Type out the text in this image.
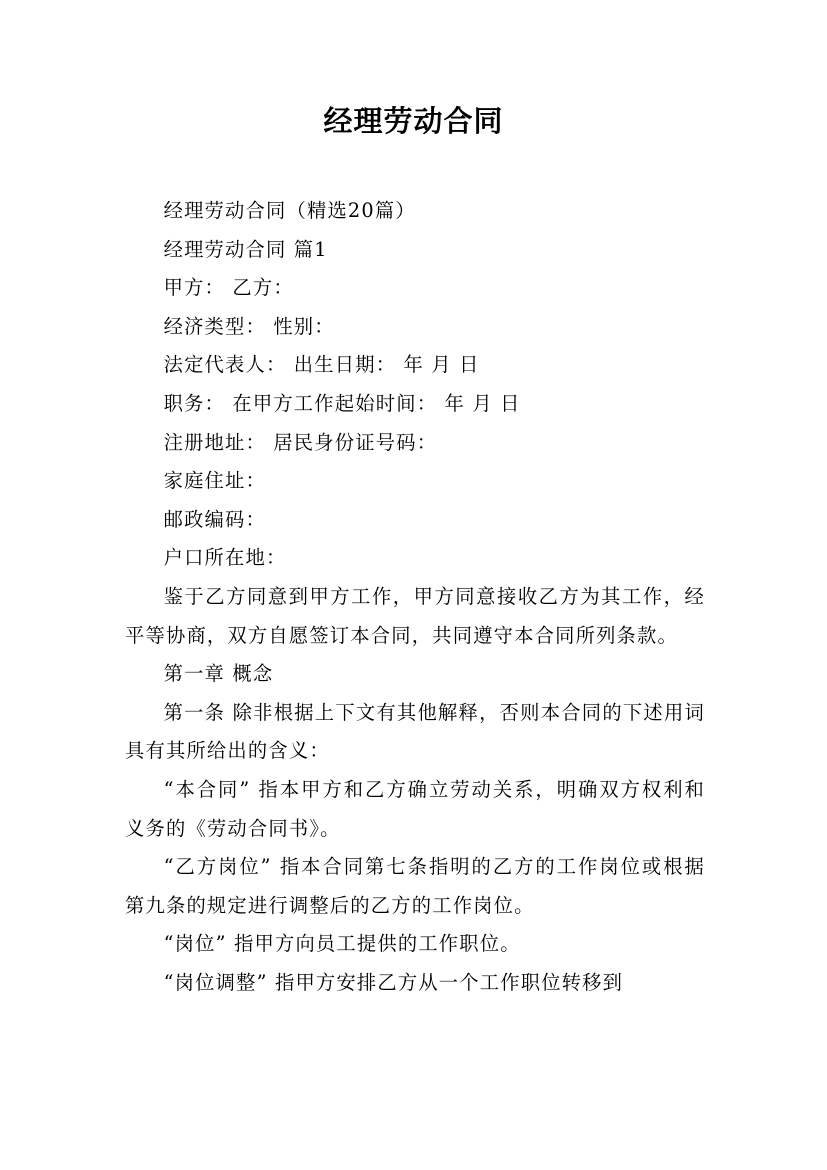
经理劳动合同

经理劳动合同（精选20篇）

经理劳动合同 篇1

甲方： 乙方：

经济类型： 性别：

法定代表人： 出生日期： 年 月 日

职务： 在甲方工作起始时间： 年 月 日

注册地址： 居民身份证号码：

家庭住址：

邮政编码：

户口所在地：

鉴于乙方同意到甲方工作，甲方同意接收乙方为其工作，经平等协商，双方自愿签订本合同，共同遵守本合同所列条款。

第一章 概念

第一条 除非根据上下文有其他解释，否则本合同的下述用词具有其所给出的含义：

“本合同” 指本甲方和乙方确立劳动关系，明确双方权利和义务的《劳动合同书》。

“乙方岗位” 指本合同第七条指明的乙方的工作岗位或根据第九条的规定进行调整后的乙方的工作岗位。

“岗位” 指甲方向员工提供的工作职位。

“岗位调整” 指甲方安排乙方从一个工作职位转移到
